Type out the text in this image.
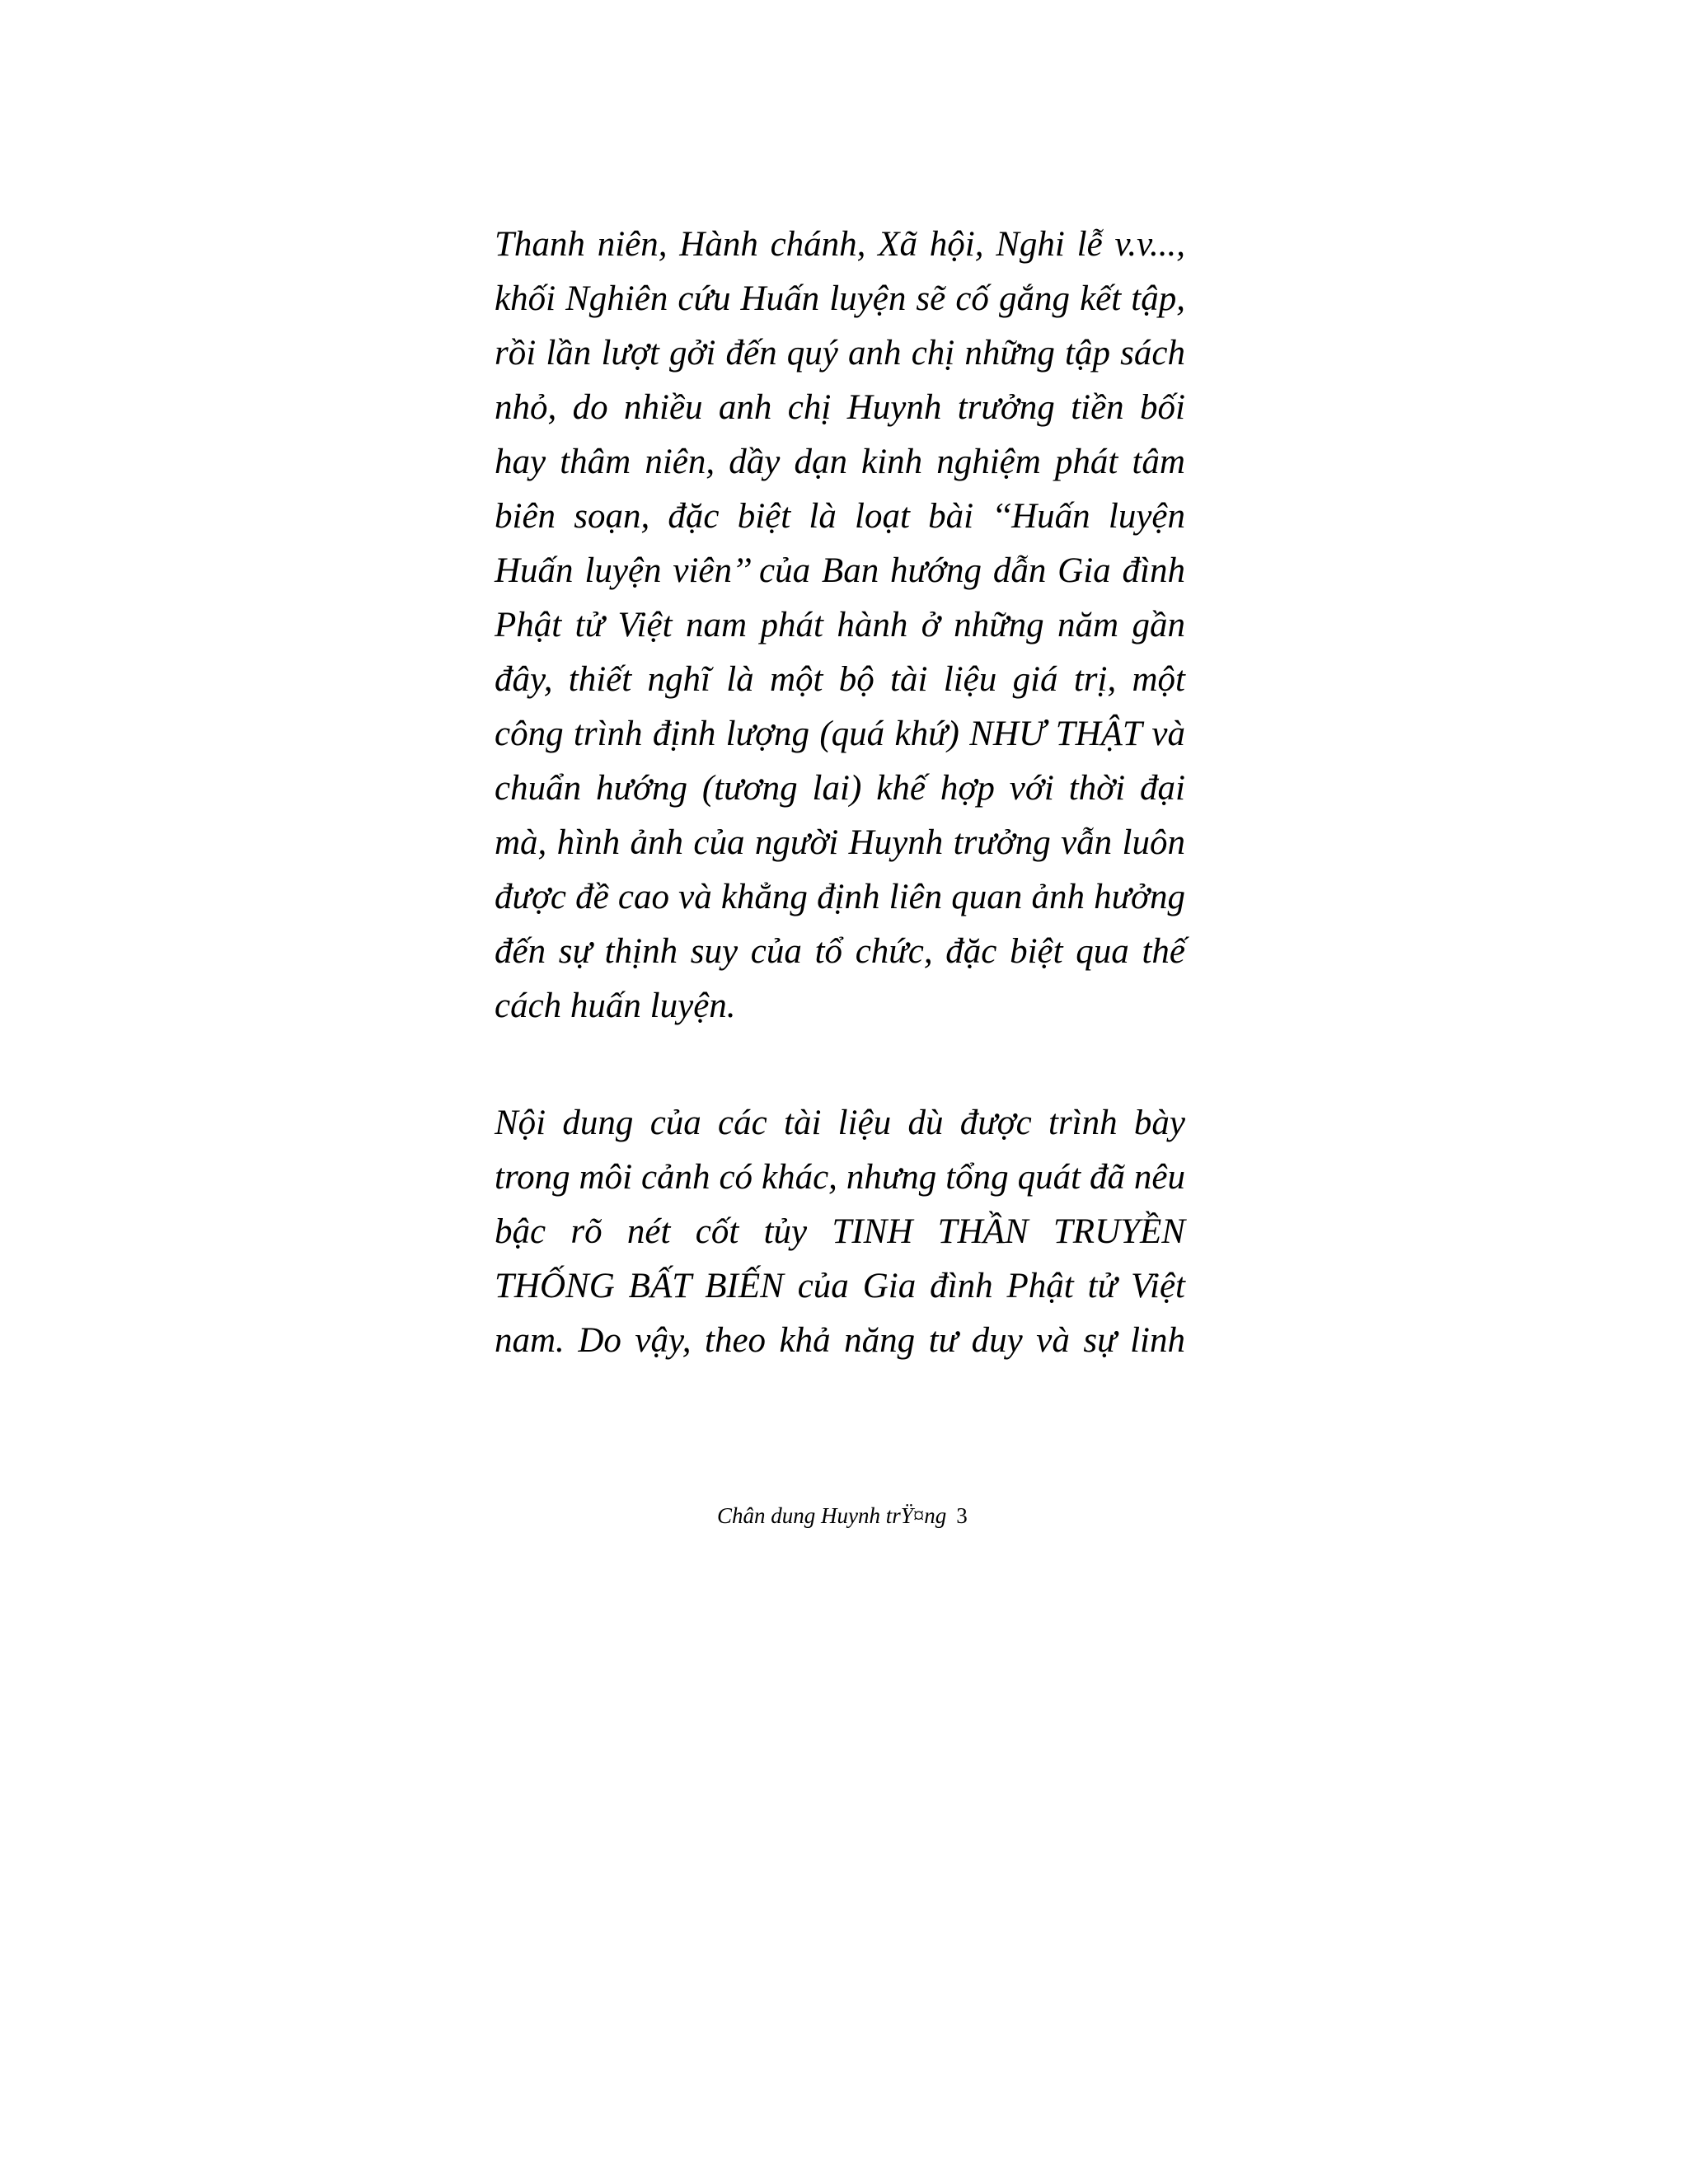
Thanh niên, Hành chánh, Xã hội, Nghi lễ v.v...,
khối Nghiên cứu Huấn luyện sẽ cố gắng kết tập,
rồi lần lượt gởi đến quý anh chị những tập sách
nhỏ, do nhiều anh chị Huynh trưởng tiền bối
hay thâm niên, dầy dạn kinh nghiệm phát tâm
biên soạn, đặc biệt là loạt bài ‘‘Huấn luyện
Huấn luyện viên’’ của Ban hướng dẫn Gia đình
Phật tử Việt nam phát hành ở những năm gần
đây, thiết nghĩ là một bộ tài liệu giá trị, một
công trình định lượng (quá khứ) NHƯ THẬT và
chuẩn hướng (tương lai) khế hợp với thời đại
mà, hình ảnh của người Huynh trưởng vẫn luôn
được đề cao và khẳng định liên quan ảnh hưởng
đến sự thịnh suy của tổ chức, đặc biệt qua thế
cách huấn luyện.
Nội dung của các tài liệu dù được trình bày
trong môi cảnh có khác, nhưng tổng quát đã nêu
bậc rõ nét cốt tủy TINH THẦN TRUYỀN
THỐNG BẤT BIẾN của Gia đình Phật tử Việt
nam. Do vậy, theo khả năng tư duy và sự linh
Chân dung Huynh trŸ¤ng 3
